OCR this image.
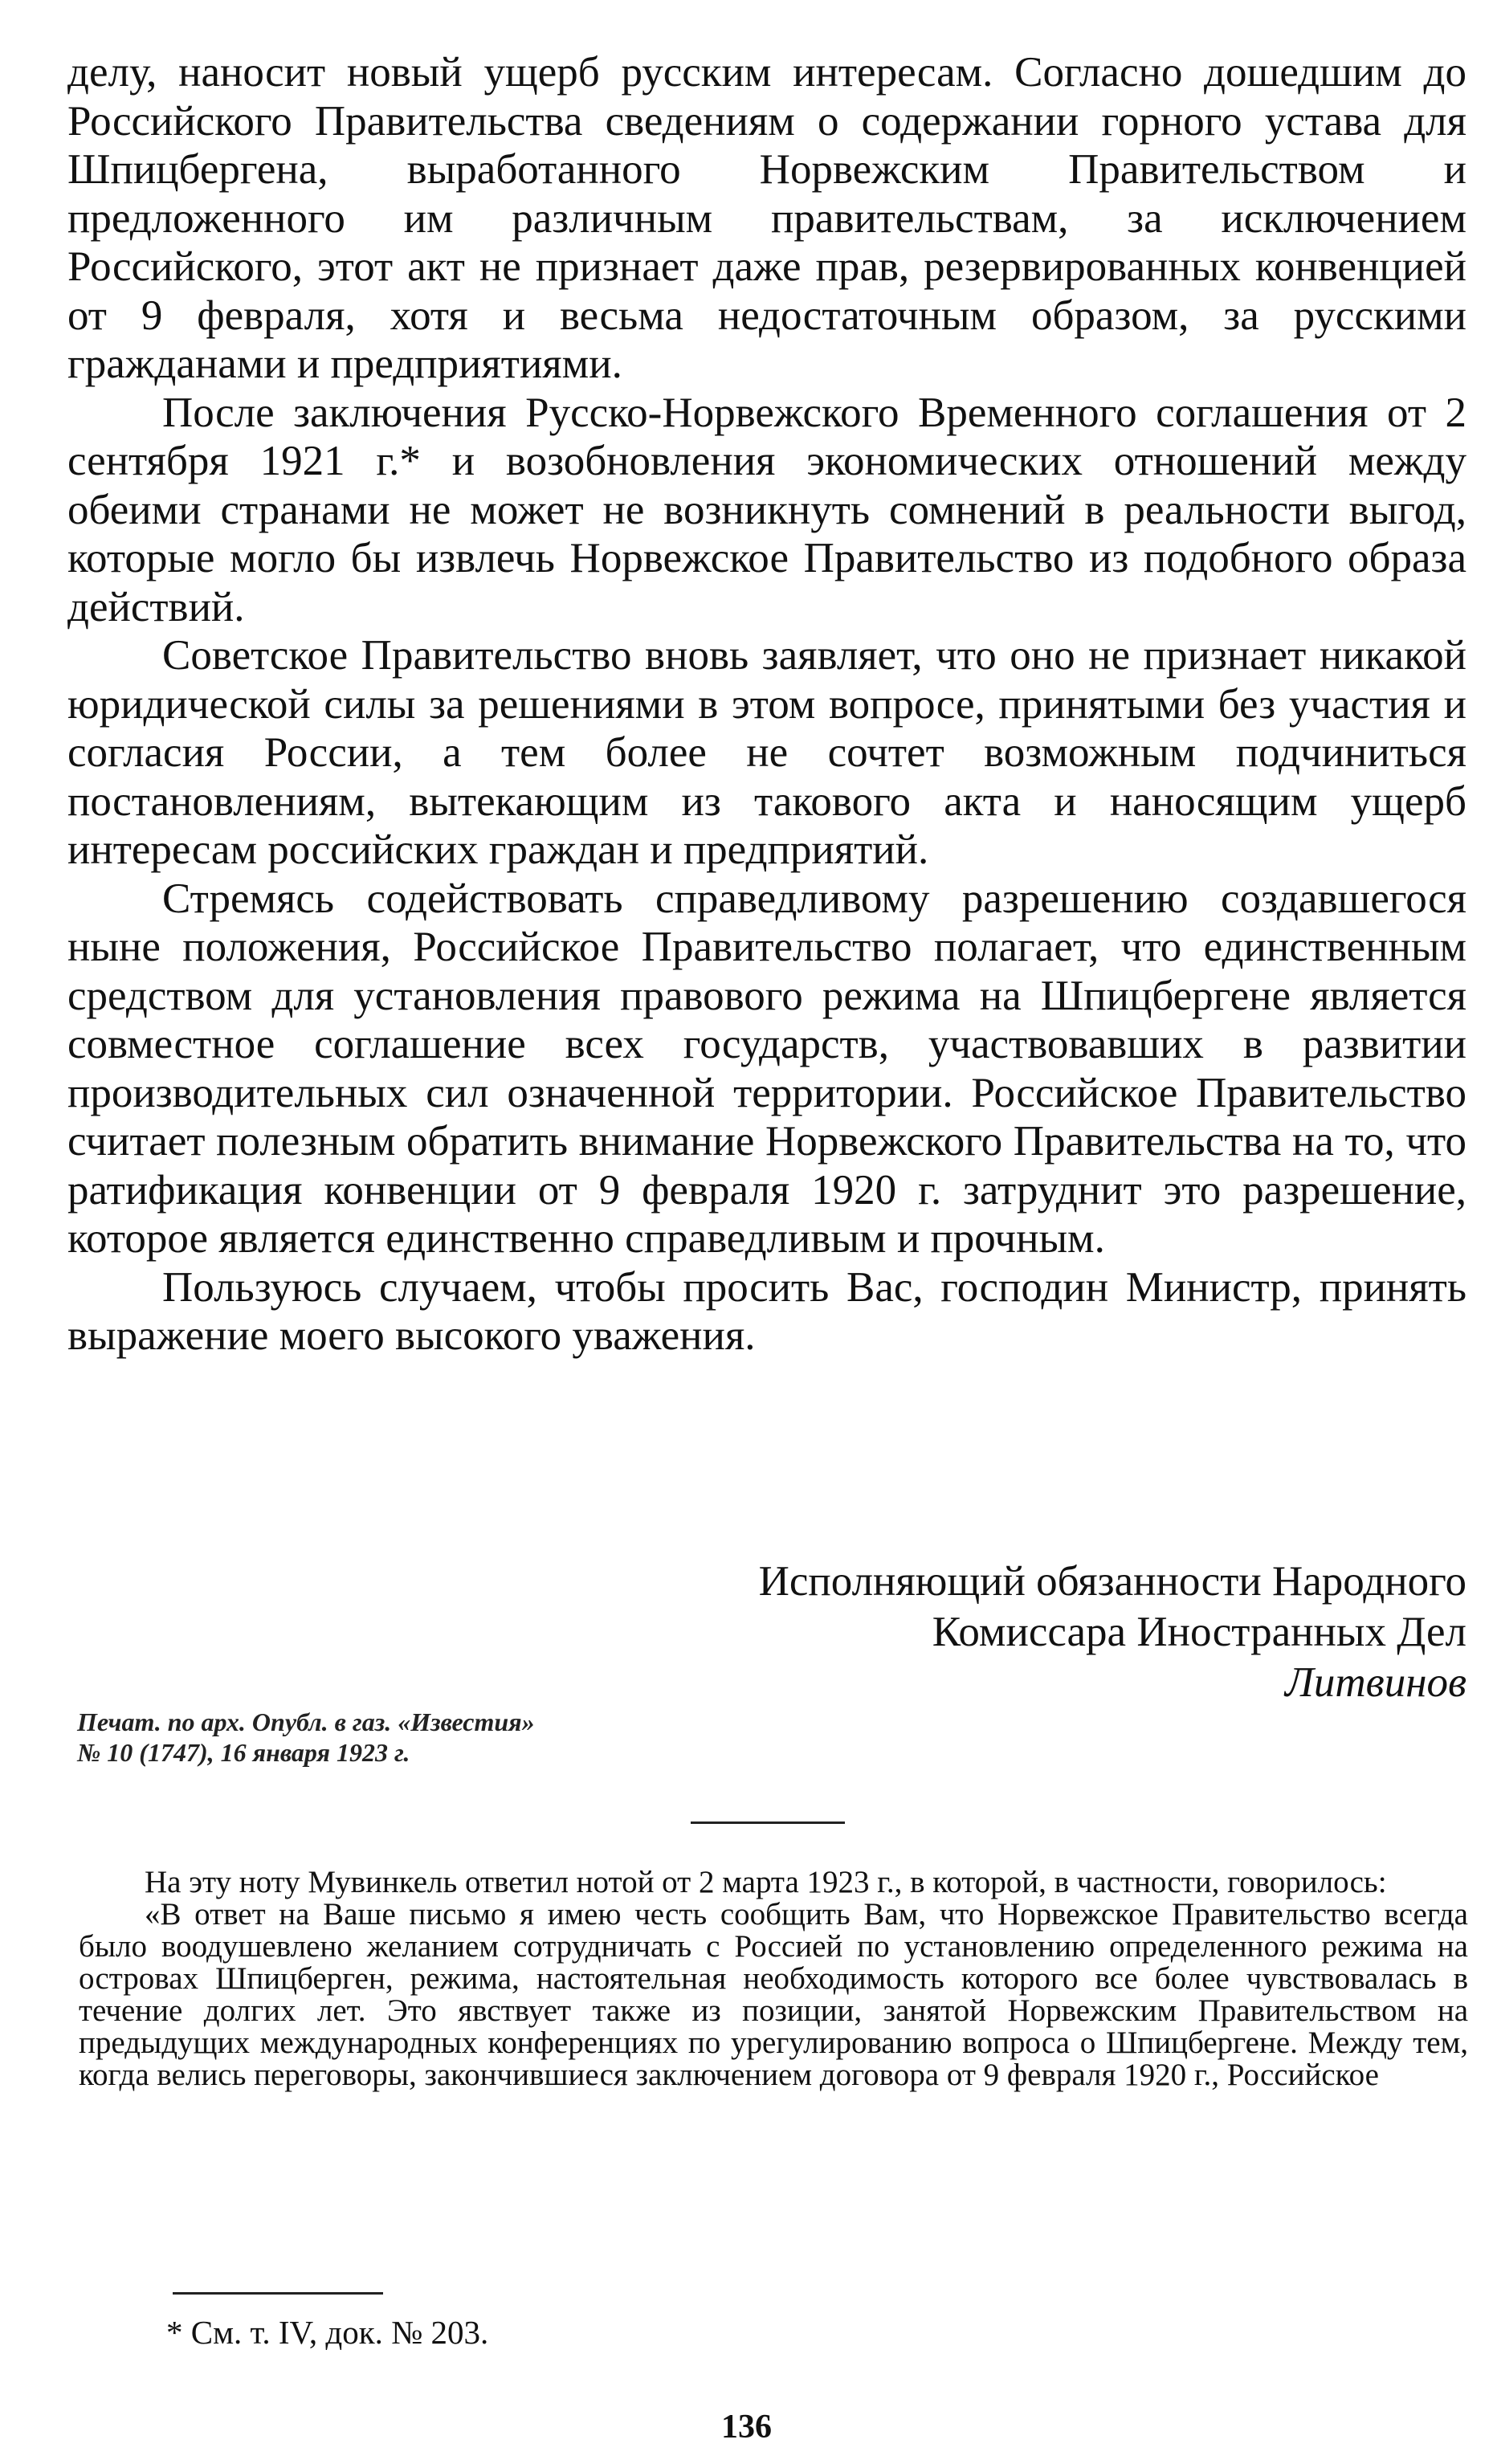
делу, наносит новый ущерб русским интересам. Согласно дошедшим до Российского Правительства сведениям о содержании горного устава для Шпицбергена, выработанного Норвежским Правительством и предложенного им различным правительствам, за исключением Российского, этот акт не признает даже прав, резервированных конвенцией от 9 февраля, хотя и весьма недостаточным образом, за русскими гражданами и предприятиями.

После заключения Русско-Норвежского Временного соглашения от 2 сентября 1921 г.* и возобновления экономических отношений между обеими странами не может не возникнуть сомнений в реальности выгод, которые могло бы извлечь Норвежское Правительство из подобного образа действий.

Советское Правительство вновь заявляет, что оно не признает никакой юридической силы за решениями в этом вопросе, принятыми без участия и согласия России, а тем более не сочтет возможным подчиниться постановлениям, вытекающим из такового акта и наносящим ущерб интересам российских граждан и предприятий.

Стремясь содействовать справедливому разрешению создавшегося ныне положения, Российское Правительство полагает, что единственным средством для установления правового режима на Шпицбергене является совместное соглашение всех государств, участвовавших в развитии производительных сил означенной территории. Российское Правительство считает полезным обратить внимание Норвежского Правительства на то, что ратификация конвенции от 9 февраля 1920 г. затруднит это разрешение, которое является единственно справедливым и прочным.

Пользуюсь случаем, чтобы просить Вас, господин Министр, принять выражение моего высокого уважения.

Исполняющий обязанности Народного
Комиссара Иностранных Дел
Литвинов
Печат. по арх. Опубл. в газ. «Известия»
№ 10 (1747), 16 января 1923 г.

На эту ноту Мувинкель ответил нотой от 2 марта 1923 г., в которой, в частности, говорилось:

«В ответ на Ваше письмо я имею честь сообщить Вам, что Норвежское Правительство всегда было воодушевлено желанием сотрудничать с Россией по установлению определенного режима на островах Шпицберген, режима, настоятельная необходимость которого все более чувствовалась в течение долгих лет. Это явствует также из позиции, занятой Норвежским Правительством на предыдущих международных конференциях по урегулированию вопроса о Шпицбергене. Между тем, когда велись переговоры, закончившиеся заключением договора от 9 февраля 1920 г., Российское

* См. т. IV, док. № 203.
136
